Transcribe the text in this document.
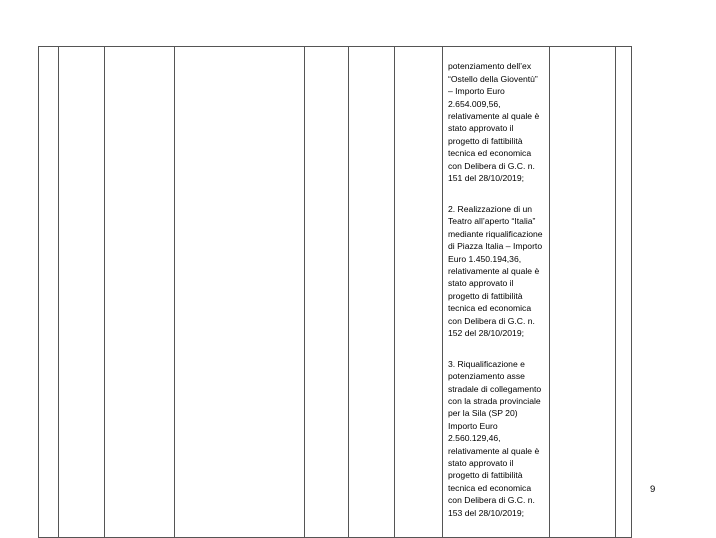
potenziamento dell’ex
“Ostello della Gioventù”
– Importo Euro
2.654.009,56,
relativamente al quale è
stato approvato il
progetto di fattibilità
tecnica ed economica
con Delibera di G.C. n.
151 del 28/10/2019;

2. Realizzazione di un
Teatro all’aperto “Italia”
mediante riqualificazione
di Piazza Italia – Importo
Euro 1.450.194,36,
relativamente al quale è
stato approvato il
progetto di fattibilità
tecnica ed economica
con Delibera di G.C. n.
152 del 28/10/2019;

3. Riqualificazione e
potenziamento asse
stradale di collegamento
con la strada provinciale
per la Sila (SP 20)
Importo Euro
2.560.129,46,
relativamente al quale è
stato approvato il
progetto di fattibilità
tecnica ed economica
con Delibera di G.C. n.
153 del 28/10/2019;

9
